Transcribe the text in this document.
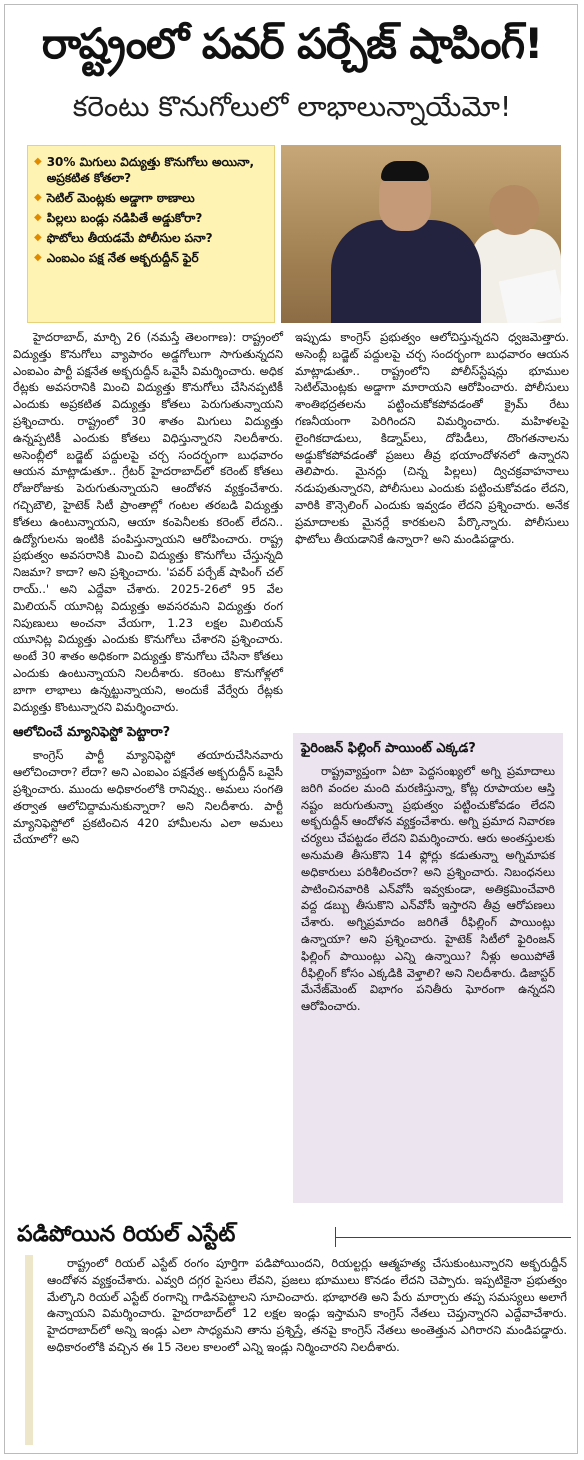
రాష్ట్రంలో పవర్ పర్చేజ్ షాపింగ్!
కరెంటు కొనుగోలులో లాభాలున్నాయేమో!
◆ 30% మిగులు విద్యుత్తు కొనుగోలు అయినా, అప్రకటిత కోతలా?
◆ సెటిల్ మెంట్లకు అడ్డాగా ఠాణాలు
◆ పిల్లలు బండ్లు నడిపితే అడ్డుకోరా?
◆ ఫొటోలు తీయడమే పోలీసుల పనా?
◆ ఎంఐఎం పక్ష నేత అక్బరుద్దీన్ ఫైర్

హైదరాబాద్, మార్చి 26 (నమస్తే తెలంగాణ): రాష్ట్రంలో విద్యుత్తు కొనుగోలు వ్యాపారం అడ్డగోలుగా సాగుతున్నదని ఎంఐఎం పార్టీ పక్షనేత అక్బరుద్దీన్ ఒవైసీ విమర్శించారు. అధిక రేట్లకు అవసరానికి మించి విద్యుత్తు కొనుగోలు చేసినప్పటికీ ఎందుకు అప్రకటిత విద్యుత్తు కోతలు పెరుగుతున్నాయని ప్రశ్నించారు. రాష్ట్రంలో 30 శాతం మిగులు విద్యుత్తు ఉన్నప్పటికీ ఎందుకు కోతలు విధిస్తున్నారని నిలదీశారు. అసెంబ్లీలో బడ్జెట్ పద్దులపై చర్చ సందర్భంగా బుధవారం ఆయన మాట్లాడుతూ.. గ్రేటర్ హైదరాబాద్‌లో కరెంట్ కోతలు రోజురోజుకు పెరుగుతున్నాయని ఆందోళన వ్యక్తంచేశారు. గచ్చిబౌలి, హైటెక్ సిటీ ప్రాంతాల్లో గంటల తరబడి విద్యుత్తు కోతలు ఉంటున్నాయని, ఆయా కంపెనీలకు కరెంట్ లేదని.. ఉద్యోగులను ఇంటికి పంపిస్తున్నాయని ఆరోపించారు. రాష్ట్ర ప్రభుత్వం అవసరానికి మించి విద్యుత్తు కొనుగోలు చేస్తున్నది నిజమా? కాదా? అని ప్రశ్నించారు. 'పవర్ పర్చేజ్ షాపింగ్ చల్ రాయ్..' అని ఎద్దేవా చేశారు. 2025-26లో 95 వేల మిలియన్ యూనిట్ల విద్యుత్తు అవసరమని విద్యుత్తు రంగ నిపుణులు అంచనా వేయగా, 1.23 లక్షల మిలియన్ యూనిట్ల విద్యుత్తు ఎందుకు కొనుగోలు చేశారని ప్రశ్నించారు. అంటే 30 శాతం అధికంగా విద్యుత్తు కొనుగోలు చేసినా కోతలు ఎందుకు ఉంటున్నాయని నిలదీశారు. కరెంటు కొనుగోళ్లలో బాగా లాభాలు ఉన్నట్టున్నాయని, అందుకే వేర్వేరు రేట్లకు విద్యుత్తు కొంటున్నారని విమర్శించారు.

ఆలోచించే మ్యానిఫెస్టో పెట్టారా?

కాంగ్రెస్ పార్టీ మ్యానిఫెస్టో తయారుచేసినవారు ఆలోచించారా? లేదా? అని ఎంఐఎం పక్షనేత అక్బరుద్దీన్ ఒవైసీ ప్రశ్నించారు. ముందు అధికారంలోకి రానివ్వు.. అమలు సంగతి తర్వాత ఆలోచిద్దామనుకున్నారా? అని నిలదీశారు. పార్టీ మ్యానిఫెస్టోలో ప్రకటించిన 420 హామీలను ఎలా అమలు చేయాలో? అని

ఇప్పుడు కాంగ్రెస్ ప్రభుత్వం ఆలోచిస్తున్నదని ధ్వజమెత్తారు. అసెంబ్లీ బడ్జెట్ పద్దులపై చర్చ సందర్భంగా బుధవారం ఆయన మాట్లాడుతూ.. రాష్ట్రంలోని పోలీస్‌స్టేషన్లు భూముల సెటిల్‌మెంట్లకు అడ్డాగా మారాయని ఆరోపించారు. పోలీసులు శాంతిభద్రతలను పట్టించుకోకపోవడంతో క్రైమ్ రేటు గణనీయంగా పెరిగిందని విమర్శించారు. మహిళలపై లైంగికదాడులు, కిడ్నాప్‌లు, దోపిడీలు, దొంగతనాలను అడ్డుకోకపోవడంతో ప్రజలు తీవ్ర భయాందోళనలో ఉన్నారని తెలిపారు. మైనర్లు (చిన్న పిల్లలు) ద్విచక్రవాహనాలు నడుపుతున్నారని, పోలీసులు ఎందుకు పట్టించుకోవడం లేదని, వారికి కౌన్సెలింగ్ ఎందుకు ఇవ్వడం లేదని ప్రశ్నించారు. అనేక ప్రమాదాలకు మైనర్లే కారకులని పేర్కొన్నారు. పోలీసులు ఫొటోలు తీయడానికే ఉన్నారా? అని మండిపడ్డారు.

ఫైరింజన్ ఫిల్లింగ్ పాయింట్ ఎక్కడ?

రాష్ట్రవ్యాప్తంగా ఏటా పెద్దసంఖ్యలో అగ్ని ప్రమాదాలు జరిగి వందల మంది మరణిస్తున్నా, కోట్ల రూపాయల ఆస్తి నష్టం జరుగుతున్నా ప్రభుత్వం పట్టించుకోవడం లేదని అక్బరుద్దీన్ ఆందోళన వ్యక్తంచేశారు. అగ్ని ప్రమాద నివారణ చర్యలు చేపట్టడం లేదని విమర్శించారు. ఆరు అంతస్తులకు అనుమతి తీసుకొని 14 ఫ్లోర్లు కడుతున్నా అగ్నిమాపక అధికారులు పరిశీలించరా? అని ప్రశ్నించారు. నిబంధనలు పాటించినవారికి ఎన్‌వోసీ ఇవ్వకుండా, అతిక్రమించేవారి వద్ద డబ్బు తీసుకొని ఎన్‌వోసీ ఇస్తారని తీవ్ర ఆరోపణలు చేశారు. అగ్నిప్రమాదం జరిగితే రీఫిల్లింగ్ పాయింట్లు ఉన్నాయా? అని ప్రశ్నించారు. హైటెక్ సిటీలో ఫైరింజన్ ఫిల్లింగ్ పాయింట్లు ఎన్ని ఉన్నాయి? నీళ్లు అయిపోతే రీఫిల్లింగ్ కోసం ఎక్కడికి వెళ్తాలి? అని నిలదీశారు. డిజాస్టర్ మేనేజ్‌మెంట్ విభాగం పనితీరు ఘోరంగా ఉన్నదని ఆరోపించారు.

పడిపోయిన రియల్ ఎస్టేట్
రాష్ట్రంలో రియల్ ఎస్టేట్ రంగం పూర్తిగా పడిపోయిందని, రియల్టర్లు ఆత్మహత్య చేసుకుంటున్నారని అక్బరుద్దీన్ ఆందోళన వ్యక్తంచేశారు. ఎవ్వరి దగ్గర పైసలు లేవని, ప్రజలు భూములు కొనడం లేదని చెప్పారు. ఇప్పటికైనా ప్రభుత్వం మేల్కొని రియల్ ఎస్టేట్ రంగాన్ని గాడినపెట్టాలని సూచించారు. భూభారతి అని పేరు మార్చారు తప్ప సమస్యలు అలాగే ఉన్నాయని విమర్శించారు. హైదరాబాద్‌లో 12 లక్షల ఇండ్లు ఇస్తామని కాంగ్రెస్ నేతలు చెప్తున్నారని ఎద్దేవాచేశారు. హైదరాబాద్‌లో అన్ని ఇండ్లు ఎలా సాధ్యమని తాను ప్రశ్నిస్తే, తనపై కాంగ్రెస్ నేతలు అంతెత్తున ఎగిరారని మండిపడ్డారు. అధికారంలోకి వచ్చిన ఈ 15 నెలల కాలంలో ఎన్ని ఇండ్లు నిర్మించారని నిలదీశారు.
